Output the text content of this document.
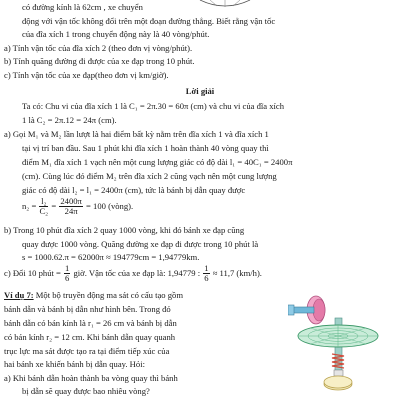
có đường kính là 62cm , xe chuyển
động với vận tốc không đổi trên một đoạn đường thẳng. Biết rằng vận tốc
của đĩa xích 1 trong chuyển động này là 40 vòng/phút.
a) Tính vận tốc của đĩa xích 2 (theo đơn vị vòng/phút).
b) Tính quãng đường đi được của xe đạp trong 10 phút.
c) Tính vận tốc của xe đạp(theo đơn vị km/giờ).
Lời giải
Ta có: Chu vi của đĩa xích 1 là C₁ = 2π.30 = 60π (cm) và chu vi của đĩa xích
1 là C₂ = 2π.12 = 24π (cm).
a) Gọi M₁ và M₂ lần lượt là hai điểm bất kỳ nằm trên đĩa xích 1 và đĩa xích 1
tại vị trí ban đầu. Sau 1 phút khi đĩa xích 1 hoàn thành 40 vòng quay thì
điểm M₁ đĩa xích 1 vạch nên một cung lượng giác có độ dài l₁ = 40C₁ = 2400π
(cm). Cùng lúc đó điểm M₂ trên đĩa xích 2 cũng vạch nên một cung lượng
giác có độ dài l₂ = l₁ = 2400π (cm), tức là bánh bị dẫn quay được
$n_2 = \frac{\text{l₂}}{\text{C₂}} = \frac{2400\pi}{24\pi} = 100$ (vòng).
b) Trong 10 phút đĩa xích 2 quay 1000 vòng, khi đó bánh xe đạp cũng
quay được 1000 vòng. Quãng đường xe đạp đi được trong 10 phút là
s = 1000.62.π = 62000π ≈ 194779cm = 1,94779km.
c) Đổi 10 phút = $\frac{1}{6}$ giờ. Vận tốc của xe đạp là: 1,94779 : $\frac{1}{6} \approx 11,7$ (km/h).
Ví dụ 7: Một bộ truyền động ma sát có cấu tạo gồm
bánh dẫn và bánh bị dẫn như hình bên. Trong đó
bánh dẫn có bán kính là r₁ = 26 cm và bánh bị dẫn
có bán kính r₂ = 12 cm. Khi bánh dẫn quay quanh
trục lực ma sát được tạo ra tại điểm tiếp xúc của
hai bánh xe khiến bánh bị dẫn quay. Hỏi:
a) Khi bánh dẫn hoàn thành ba vòng quay thì bánh
bị dẫn sẽ quay được bao nhiêu vòng?
